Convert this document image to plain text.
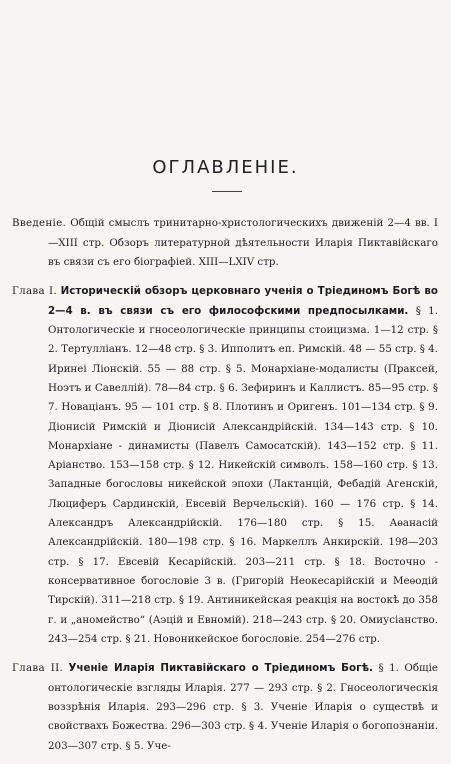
ОГЛАВЛЕНІЕ.

Введеніе. Общій смыслъ тринитарно-христологическихъ движеній 2—4 вв. I—XIII стр. Обзоръ литературной дѣятельности Иларія Пиктавійскаго въ связи съ его біографіей. XIII—LXIV стр.

Глава I. Историческій обзоръ церковнаго ученія о Тріединомъ Богѣ во 2—4 в. въ связи съ его философскими предпосылками. § 1. Онтологическіе и гносеологическіе принципы стоицизма. 1—12 стр. § 2. Тертулліанъ. 12—48 стр. § 3. Ипполитъ еп. Римскій. 48 — 55 стр. § 4. Иринеі Ліонскій. 55 — 88 стр. § 5. Монархіане-модалисты (Праксей, Ноэтъ и Савеллій). 78—84 стр. § 6. Зефиринъ и Каллистъ. 85—95 стр. § 7. Новаціанъ. 95 — 101 стр. § 8. Плотинъ и Оригенъ. 101—134 стр. § 9. Діонисій Римскій и Діонисій Александрійскій. 134—143 стр. § 10. Монархіане - динамисты (Павелъ Самосатскій). 143—152 стр. § 11. Арiанство. 153—158 стр. § 12. Никейскій символъ. 158—160 стр. § 13. Западные богословы никейской эпохи (Лактанцій, Фебадій Агенскій, Люциферъ Сардинскій, Евсевій Верчельскій). 160 — 176 стр. § 14. Александръ Александрійскій. 176—180 стр. § 15. Аѳанасій Александрійскій. 180—198 стр. § 16. Маркеллъ Анкирскій. 198—203 стр. § 17. Евсевій Кесарійскій. 203—211 стр. § 18. Восточно - консервативное богословіе 3 в. (Григорій Неокесарійскій и Меѳодій Тирскій). 311—218 стр. § 19. Антиникейская реакція на востокѣ до 358 г. и „аномейство“ (Аэцій и Евномій). 218—243 стр. § 20. Омиусіанство. 243—254 стр. § 21. Новоникейское богословіе. 254—276 стр.

Глава II. Ученіе Иларія Пиктавійскаго о Тріединомъ Богѣ. § 1. Общіе онтологическіе взгляды Иларія. 277 — 293 стр. § 2. Гносеологическія воззрѣнія Иларія. 293—296 стр. § 3. Ученіе Иларія о существѣ и свойствахъ Божества. 296—303 стр. § 4. Ученіе Иларія о богопознаніи. 203—307 стр. § 5. Уче-
